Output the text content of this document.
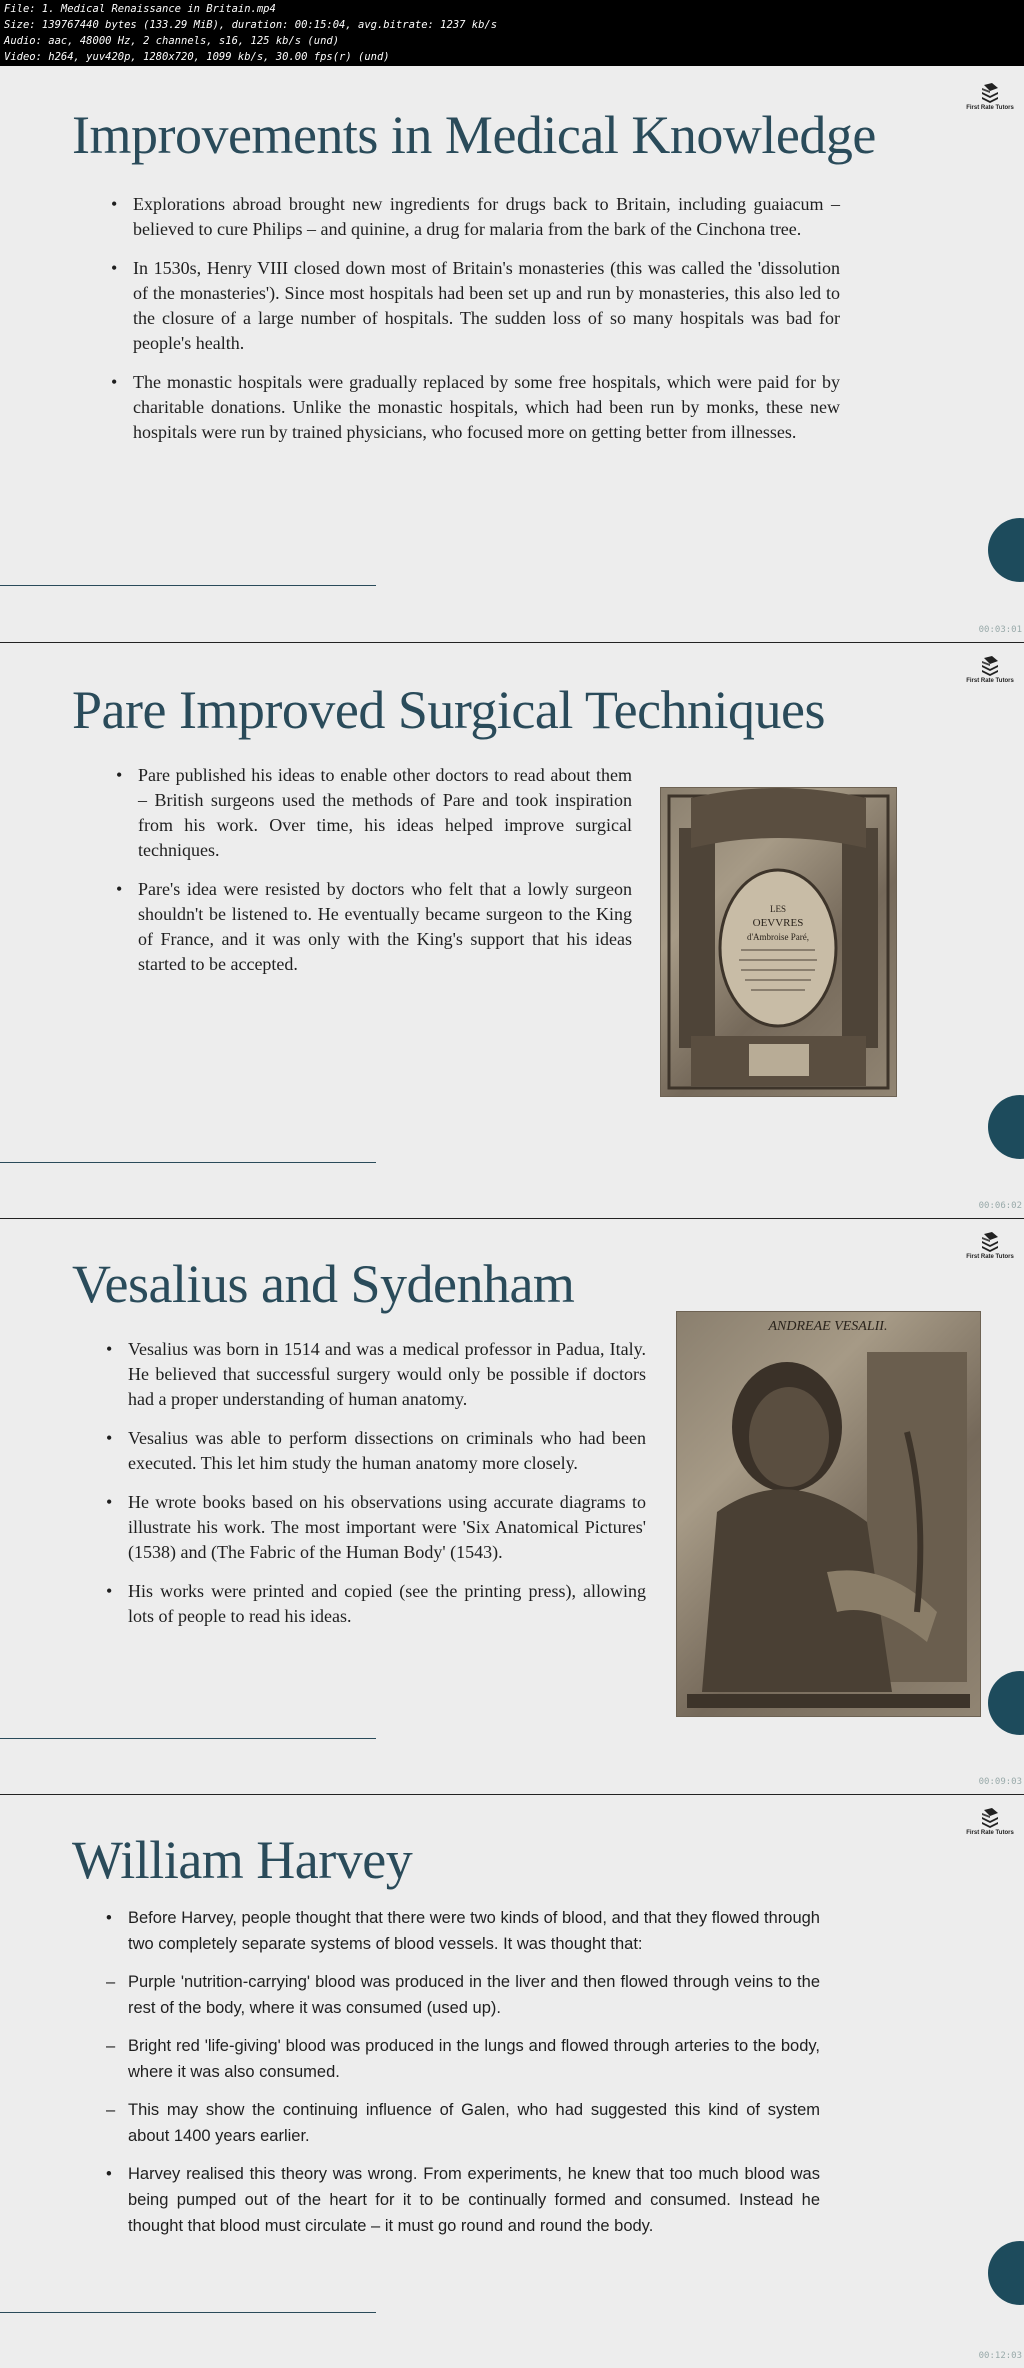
File: 1. Medical Renaissance in Britain.mp4
Size: 139767440 bytes (133.29 MiB), duration: 00:15:04, avg.bitrate: 1237 kb/s
Audio: aac, 48000 Hz, 2 channels, s16, 125 kb/s (und)
Video: h264, yuv420p, 1280x720, 1099 kb/s, 30.00 fps(r) (und)
First Rate Tutors
Improvements in Medical Knowledge
• Explorations abroad brought new ingredients for drugs back to Britain, including guaiacum – believed to cure Philips – and quinine, a drug for malaria from the bark of the Cinchona tree.
• In 1530s, Henry VIII closed down most of Britain's monasteries (this was called the 'dissolution of the monasteries'). Since most hospitals had been set up and run by monasteries, this also led to the closure of a large number of hospitals. The sudden loss of so many hospitals was bad for people's health.
• The monastic hospitals were gradually replaced by some free hospitals, which were paid for by charitable donations. Unlike the monastic hospitals, which had been run by monks, these new hospitals were run by trained physicians, who focused more on getting better from illnesses.
00:03:01
First Rate Tutors
Pare Improved Surgical Techniques
• Pare published his ideas to enable other doctors to read about them – British surgeons used the methods of Pare and took inspiration from his work. Over time, his ideas helped improve surgical techniques.
• Pare's idea were resisted by doctors who felt that a lowly surgeon shouldn't be listened to. He eventually became surgeon to the King of France, and it was only with the King's support that his ideas started to be accepted.
LES
OEVVRES
d'Ambroise Paré,
00:06:02
First Rate Tutors
Vesalius and Sydenham
• Vesalius was born in 1514 and was a medical professor in Padua, Italy. He believed that successful surgery would only be possible if doctors had a proper understanding of human anatomy.
• Vesalius was able to perform dissections on criminals who had been executed. This let him study the human anatomy more closely.
• He wrote books based on his observations using accurate diagrams to illustrate his work. The most important were 'Six Anatomical Pictures' (1538) and (The Fabric of the Human Body' (1543).
• His works were printed and copied (see the printing press), allowing lots of people to read his ideas.
ANDREAE VESALII.
00:09:03
First Rate Tutors
William Harvey
• Before Harvey, people thought that there were two kinds of blood, and that they flowed through two completely separate systems of blood vessels. It was thought that:
– Purple 'nutrition-carrying' blood was produced in the liver and then flowed through veins to the rest of the body, where it was consumed (used up).
– Bright red 'life-giving' blood was produced in the lungs and flowed through arteries to the body, where it was also consumed.
– This may show the continuing influence of Galen, who had suggested this kind of system about 1400 years earlier.
• Harvey realised this theory was wrong. From experiments, he knew that too much blood was being pumped out of the heart for it to be continually formed and consumed. Instead he thought that blood must circulate – it must go round and round the body.
00:12:03
